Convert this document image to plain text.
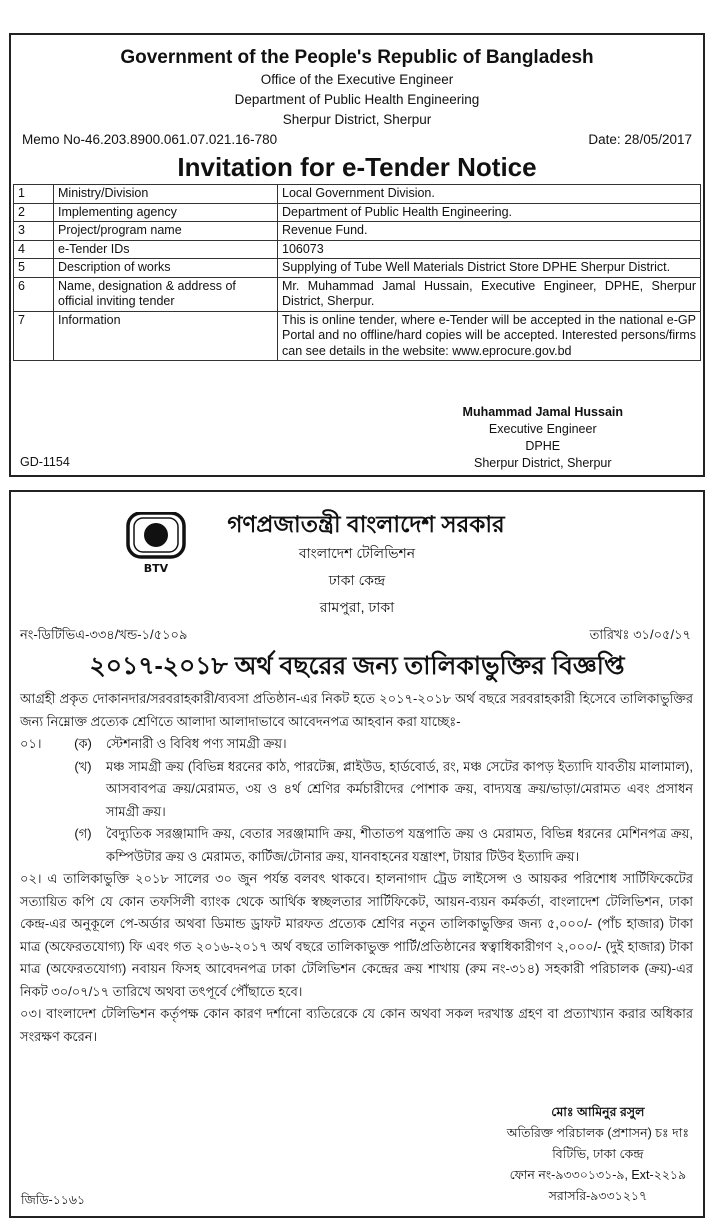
Government of the People's Republic of Bangladesh
Office of the Executive Engineer
Department of Public Health Engineering
Sherpur District, Sherpur
Memo No-46.203.8900.061.07.021.16-780	Date: 28/05/2017
Invitation for e-Tender Notice
1	Ministry/Division	Local Government Division.
2	Implementing agency	Department of Public Health Engineering.
3	Project/program name	Revenue Fund.
4	e-Tender IDs	106073
5	Description of works	Supplying of Tube Well Materials District Store DPHE Sherpur District.
6	Name, designation & address of official inviting tender	Mr. Muhammad Jamal Hussain, Executive Engineer, DPHE, Sherpur District, Sherpur.
7	Information	This is online tender, where e-Tender will be accepted in the national e-GP Portal and no offline/hard copies will be accepted. Interested persons/firms can see details in the website: www.eprocure.gov.bd
Muhammad Jamal Hussain
Executive Engineer
DPHE
Sherpur District, Sherpur
GD-1154
BTV
গণপ্রজাতন্ত্রী বাংলাদেশ সরকার
বাংলাদেশ টেলিভিশন
ঢাকা কেন্দ্র
রামপুরা, ঢাকা
নং-ডিটিভিএ-৩৩৪/খন্ড-১/৫১০৯	তারিখঃ ৩১/০৫/১৭
২০১৭-২০১৮ অর্থ বছরের জন্য তালিকাভুক্তির বিজ্ঞপ্তি
আগ্রহী প্রকৃত দোকানদার/সরবরাহকারী/ব্যবসা প্রতিষ্ঠান-এর নিকট হতে ২০১৭-২০১৮ অর্থ বছরে সরবরাহকারী হিসেবে তালিকাভুক্তির জন্য নিম্নোক্ত প্রত্যেক শ্রেণিতে আলাদা আলাদাভাবে আবেদনপত্র আহবান করা যাচ্ছেঃ-
০১।	(ক)	স্টেশনারী ও বিবিধ পণ্য সামগ্রী ক্রয়।
(খ)	মঞ্চ সামগ্রী ক্রয় (বিভিন্ন ধরনের কাঠ, পারটেক্স, প্লাইউড, হার্ডবোর্ড, রং, মঞ্চ সেটের কাপড় ইত্যাদি যাবতীয় মালামাল), আসবাবপত্র ক্রয়/মেরামত, ৩য় ও ৪র্থ শ্রেণির কর্মচারীদের পোশাক ক্রয়, বাদ্যযন্ত্র ক্রয়/ভাড়া/মেরামত এবং প্রসাধন সামগ্রী ক্রয়।
(গ)	বৈদ্যুতিক সরঞ্জামাদি ক্রয়, বেতার সরঞ্জামাদি ক্রয়, শীতাতপ যন্ত্রপাতি ক্রয় ও মেরামত, বিভিন্ন ধরনের মেশিনপত্র ক্রয়, কম্পিউটার ক্রয় ও মেরামত, কার্টিজ/টোনার ক্রয়, যানবাহনের যন্ত্রাংশ, টায়ার টিউব ইত্যাদি ক্রয়।
০২। এ তালিকাভুক্তি ২০১৮ সালের ৩০ জুন পর্যন্ত বলবৎ থাকবে। হালনাগাদ ট্রেড লাইসেন্স ও আয়কর পরিশোধ সার্টিফিকেটের সত্যায়িত কপি যে কোন তফসিলী ব্যাংক থেকে আর্থিক স্বচ্ছলতার সার্টিফিকেট, আয়ন-ব্যয়ন কর্মকর্তা, বাংলাদেশ টেলিভিশন, ঢাকা কেন্দ্র-এর অনুকূলে পে-অর্ডার অথবা ডিমান্ড ড্রাফট মারফত প্রত্যেক শ্রেণির নতুন তালিকাভুক্তির জন্য ৫,০০০/- (পাঁচ হাজার) টাকা মাত্র (অফেরতযোগ্য) ফি এবং গত ২০১৬-২০১৭ অর্থ বছরে তালিকাভুক্ত পার্টি/প্রতিষ্ঠানের স্বত্বাধিকারীগণ ২,০০০/- (দুই হাজার) টাকা মাত্র (অফেরতযোগ্য) নবায়ন ফিসহ আবেদনপত্র ঢাকা টেলিভিশন কেন্দ্রের ক্রয় শাখায় (রুম নং-৩১৪) সহকারী পরিচালক (ক্রয়)-এর নিকট ৩০/০৭/১৭ তারিখে অথবা তৎপূর্বে পৌঁছাতে হবে।
০৩। বাংলাদেশ টেলিভিশন কর্তৃপক্ষ কোন কারণ দর্শানো ব্যতিরেকে যে কোন অথবা সকল দরখাস্ত গ্রহণ বা প্রত্যাখ্যান করার অধিকার সংরক্ষণ করেন।
মোঃ আমিনুর রসুল
অতিরিক্ত পরিচালক (প্রশাসন) চঃ দাঃ
বিটিভি, ঢাকা কেন্দ্র
ফোন নং-৯৩৩০১৩১-৯, Ext-২২১৯
সরাসরি-৯৩৩১২১৭
জিডি-১১৬১
